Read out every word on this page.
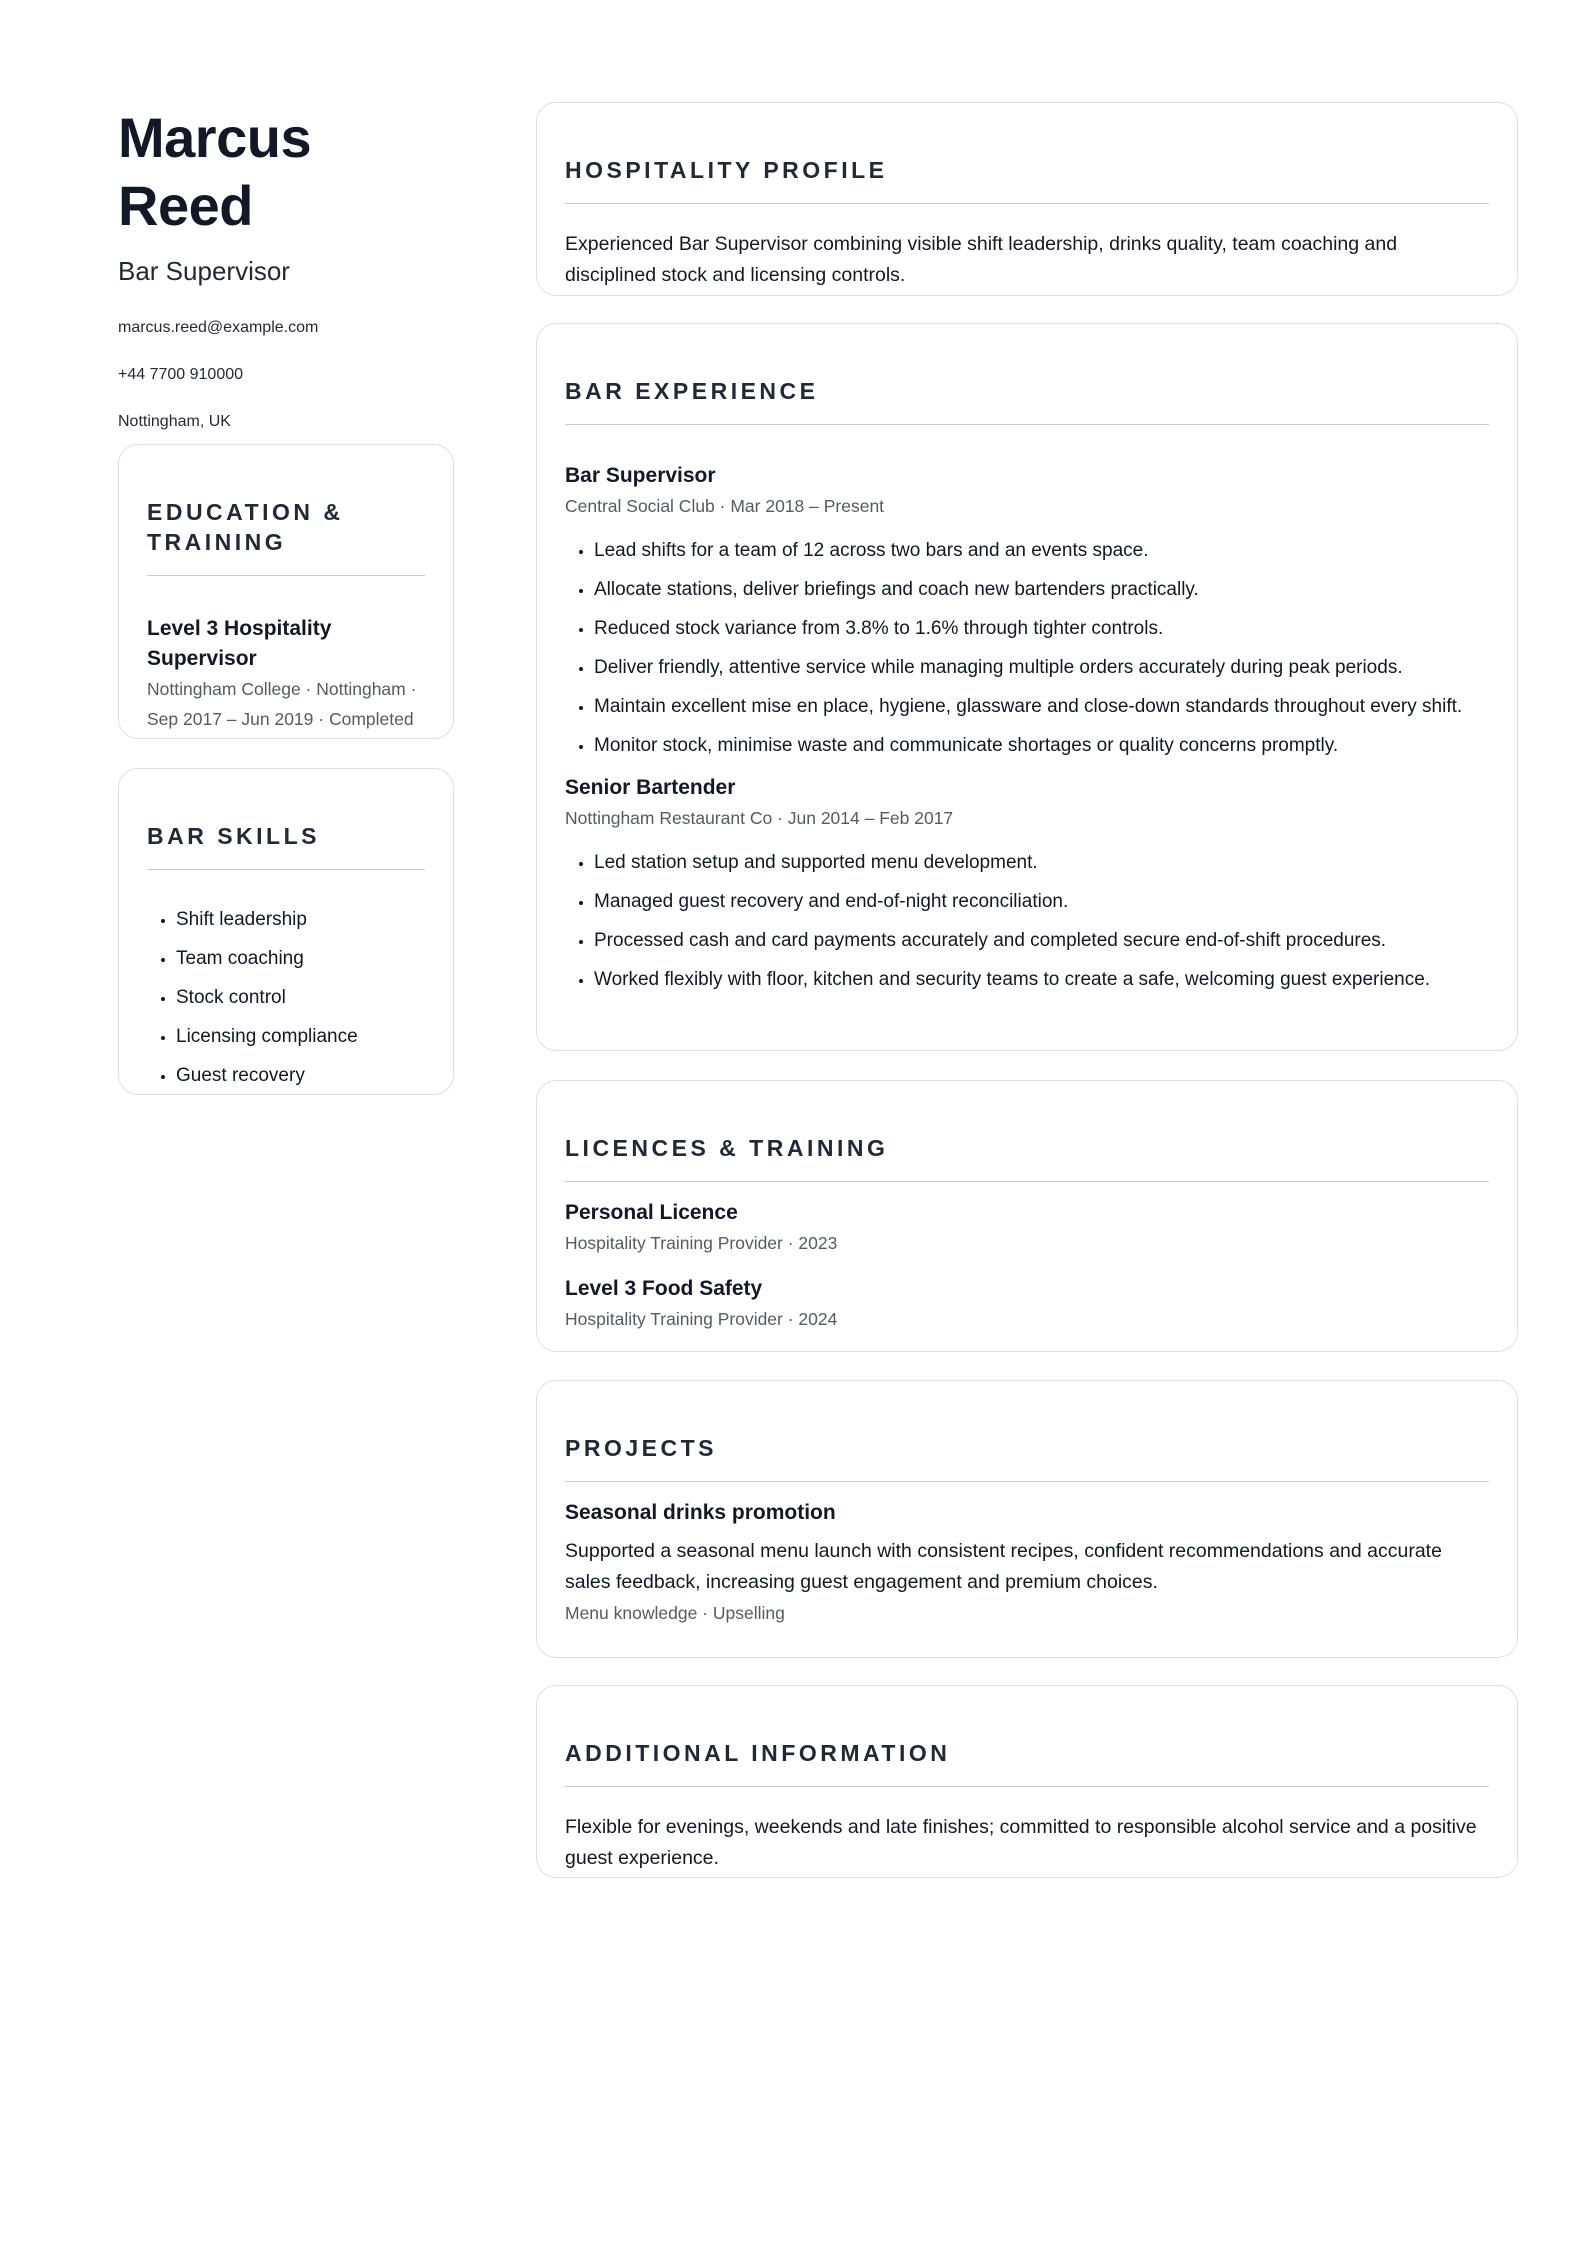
Marcus Reed
Bar Supervisor
marcus.reed@example.com
+44 7700 910000
Nottingham, UK
EDUCATION & TRAINING
Level 3 Hospitality Supervisor
Nottingham College · Nottingham · Sep 2017 – Jun 2019 · Completed
BAR SKILLS
• Shift leadership
• Team coaching
• Stock control
• Licensing compliance
• Guest recovery
HOSPITALITY PROFILE
Experienced Bar Supervisor combining visible shift leadership, drinks quality, team coaching and disciplined stock and licensing controls.
BAR EXPERIENCE
Bar Supervisor
Central Social Club · Mar 2018 – Present
• Lead shifts for a team of 12 across two bars and an events space.
• Allocate stations, deliver briefings and coach new bartenders practically.
• Reduced stock variance from 3.8% to 1.6% through tighter controls.
• Deliver friendly, attentive service while managing multiple orders accurately during peak periods.
• Maintain excellent mise en place, hygiene, glassware and close-down standards throughout every shift.
• Monitor stock, minimise waste and communicate shortages or quality concerns promptly.
Senior Bartender
Nottingham Restaurant Co · Jun 2014 – Feb 2017
• Led station setup and supported menu development.
• Managed guest recovery and end-of-night reconciliation.
• Processed cash and card payments accurately and completed secure end-of-shift procedures.
• Worked flexibly with floor, kitchen and security teams to create a safe, welcoming guest experience.
LICENCES & TRAINING
Personal Licence
Hospitality Training Provider · 2023
Level 3 Food Safety
Hospitality Training Provider · 2024
PROJECTS
Seasonal drinks promotion
Supported a seasonal menu launch with consistent recipes, confident recommendations and accurate sales feedback, increasing guest engagement and premium choices.
Menu knowledge · Upselling
ADDITIONAL INFORMATION
Flexible for evenings, weekends and late finishes; committed to responsible alcohol service and a positive guest experience.
